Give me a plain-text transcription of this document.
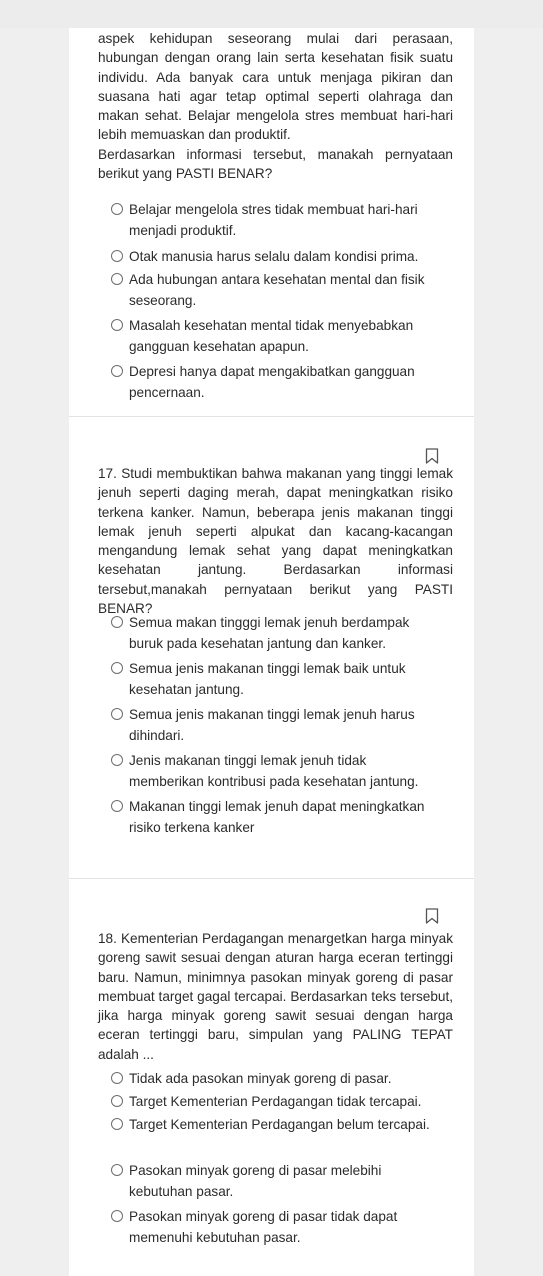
aspek kehidupan seseorang mulai dari perasaan, hubungan dengan orang lain serta kesehatan fisik suatu individu. Ada banyak cara untuk menjaga pikiran dan suasana hati agar tetap optimal seperti olahraga dan makan sehat. Belajar mengelola stres membuat hari-hari lebih memuaskan dan produktif.

Berdasarkan informasi tersebut, manakah pernyataan berikut yang PASTI BENAR?

Belajar mengelola stres tidak membuat hari-hari menjadi produktif.
Otak manusia harus selalu dalam kondisi prima.
Ada hubungan antara kesehatan mental dan fisik seseorang.
Masalah kesehatan mental tidak menyebabkan gangguan kesehatan apapun.
Depresi hanya dapat mengakibatkan gangguan pencernaan.

17. Studi membuktikan bahwa makanan yang tinggi lemak jenuh seperti daging merah, dapat meningkatkan risiko terkena kanker. Namun, beberapa jenis makanan tinggi lemak jenuh seperti alpukat dan kacang-kacangan mengandung lemak sehat yang dapat meningkatkan kesehatan jantung. Berdasarkan informasi tersebut,manakah pernyataan berikut yang PASTI BENAR?

Semua makan tingggi lemak jenuh berdampak buruk pada kesehatan jantung dan kanker.
Semua jenis makanan tinggi lemak baik untuk kesehatan jantung.
Semua jenis makanan tinggi lemak jenuh harus dihindari.
Jenis makanan tinggi lemak jenuh tidak memberikan kontribusi pada kesehatan jantung.
Makanan tinggi lemak jenuh dapat meningkatkan risiko terkena kanker

18. Kementerian Perdagangan menargetkan harga minyak goreng sawit sesuai dengan aturan harga eceran tertinggi baru. Namun, minimnya pasokan minyak goreng di pasar membuat target gagal tercapai. Berdasarkan teks tersebut, jika harga minyak goreng sawit sesuai dengan harga eceran tertinggi baru, simpulan yang PALING TEPAT adalah ...

Tidak ada pasokan minyak goreng di pasar.
Target Kementerian Perdagangan tidak tercapai.
Target Kementerian Perdagangan belum tercapai.
Pasokan minyak goreng di pasar melebihi kebutuhan pasar.
Pasokan minyak goreng di pasar tidak dapat memenuhi kebutuhan pasar.
